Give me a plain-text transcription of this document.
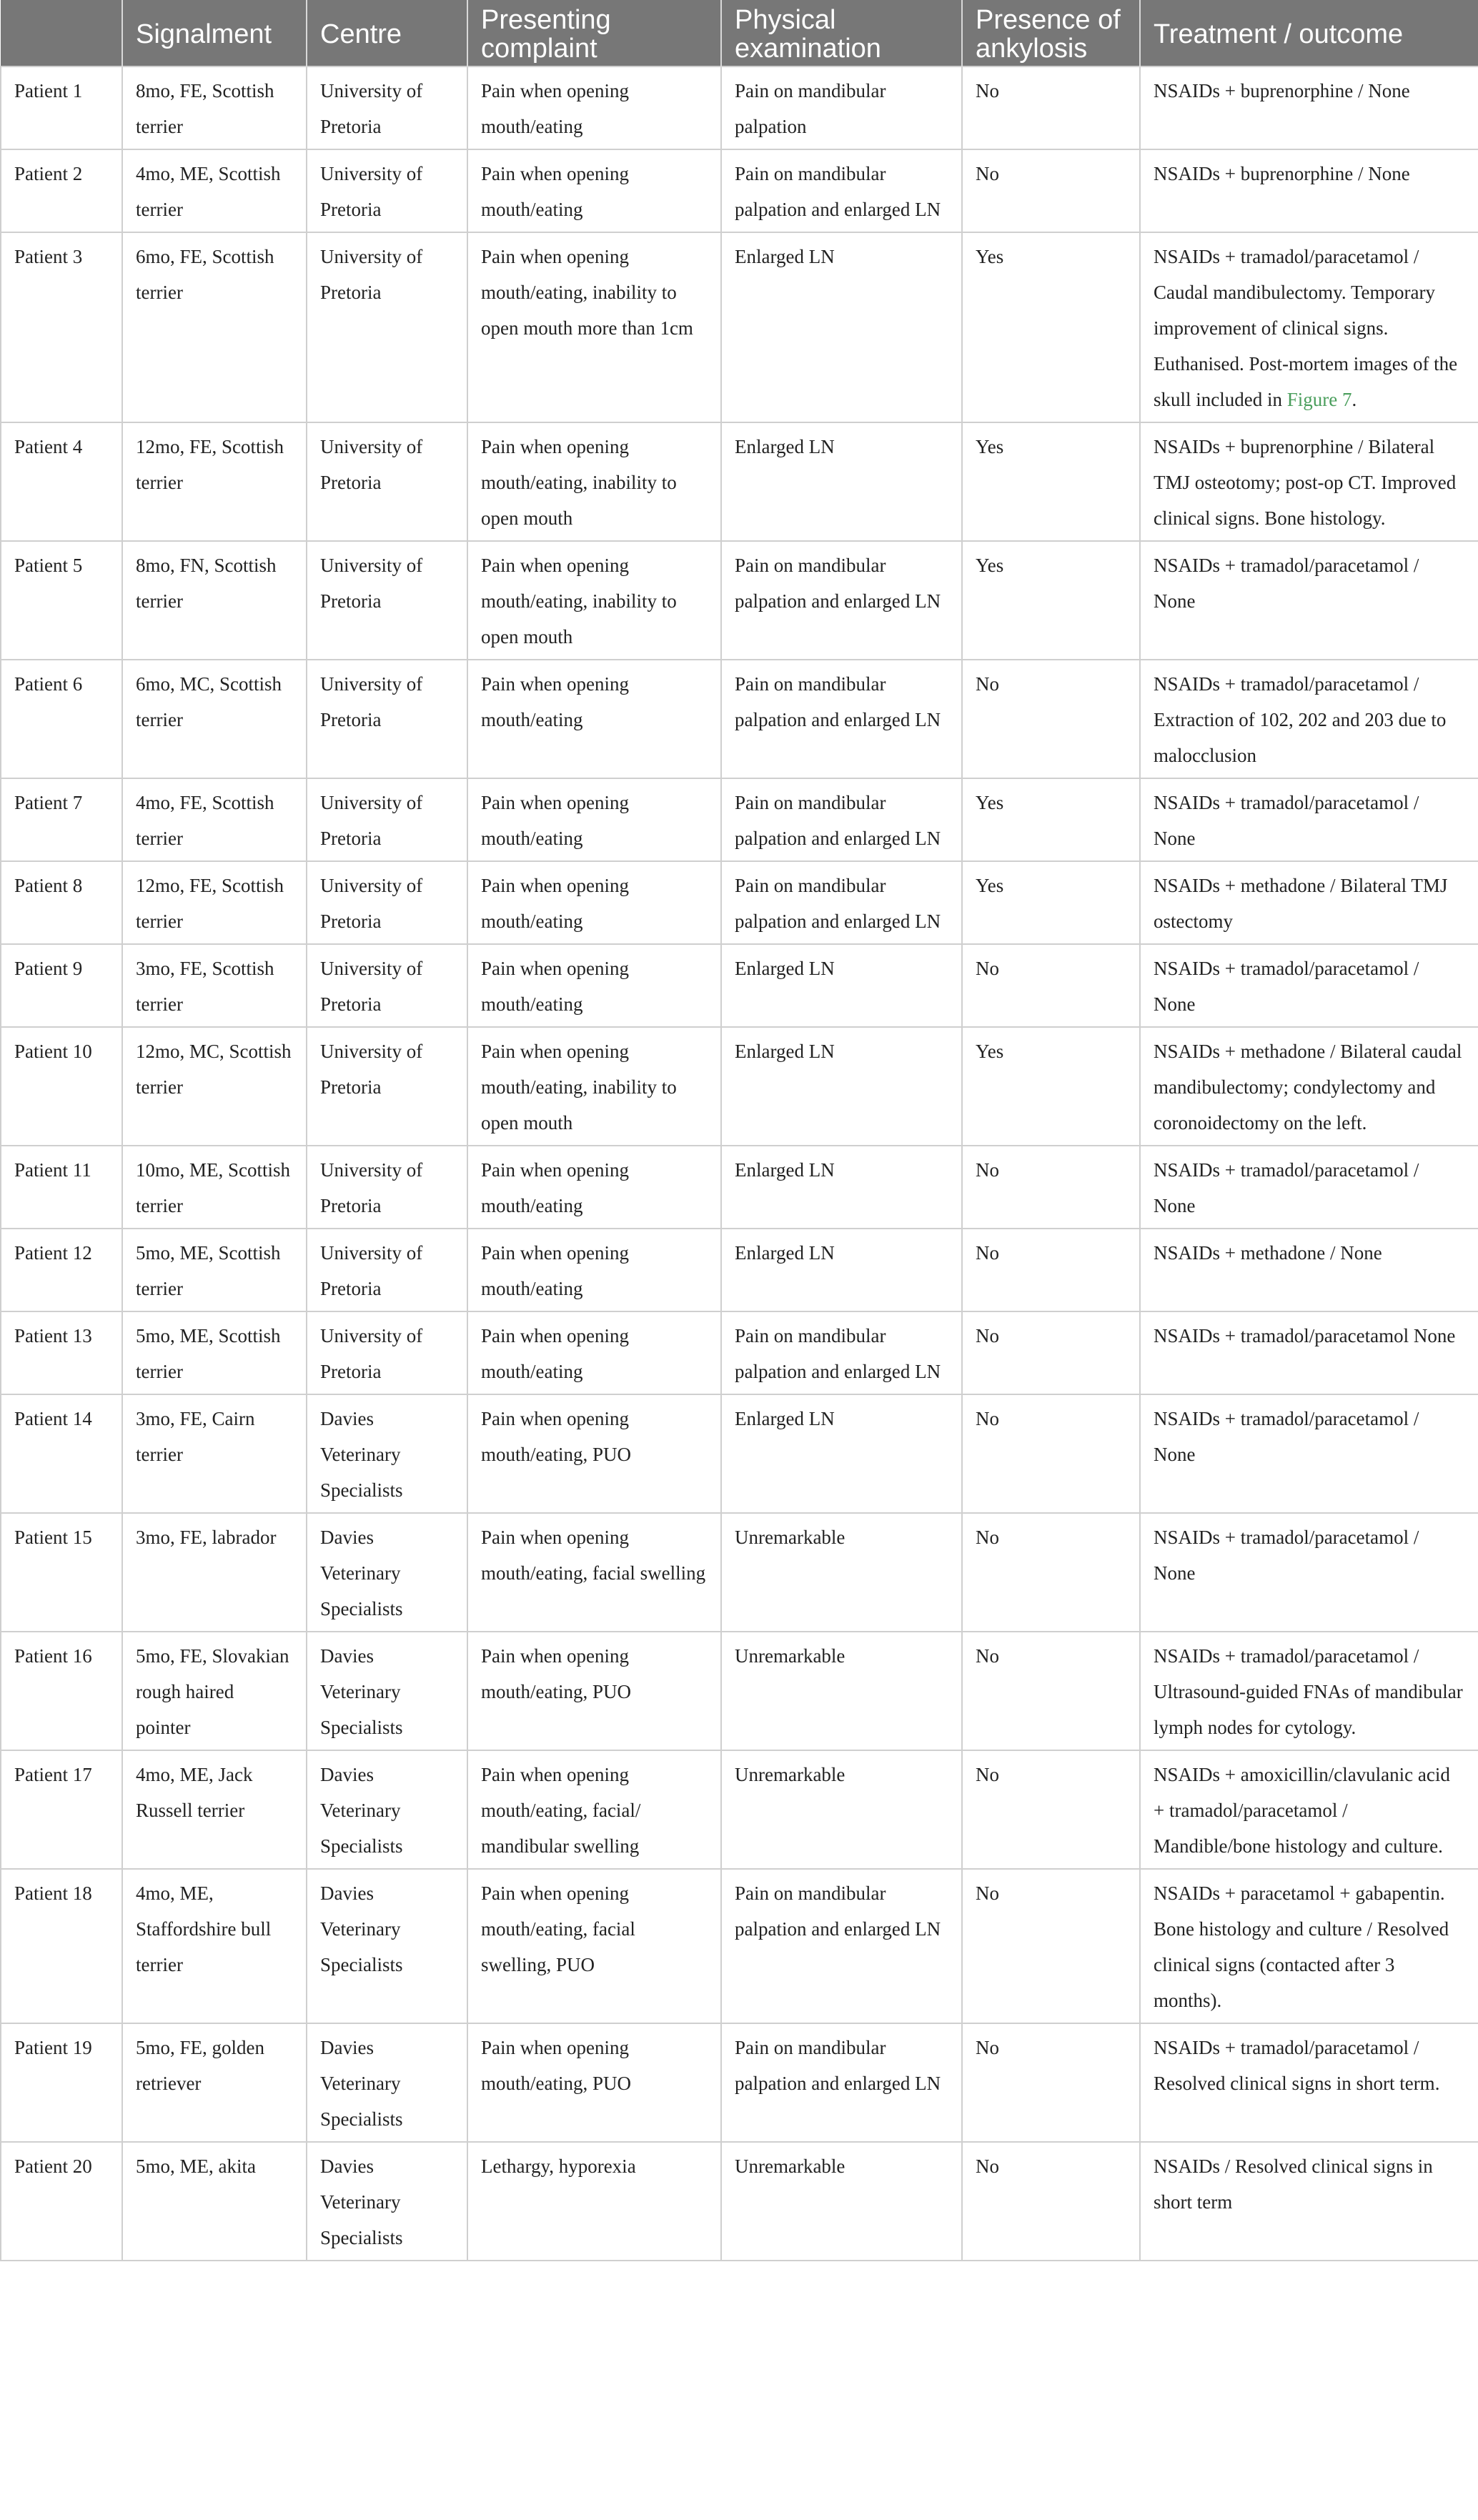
	Signalment	Centre	Presenting complaint	Physical examination	Presence of ankylosis	Treatment / outcome
Patient 1	8mo, FE, Scottish terrier	University of Pretoria	Pain when opening mouth/eating	Pain on mandibular palpation	No	NSAIDs + buprenorphine / None
Patient 2	4mo, ME, Scottish terrier	University of Pretoria	Pain when opening mouth/eating	Pain on mandibular palpation and enlarged LN	No	NSAIDs + buprenorphine / None
Patient 3	6mo, FE, Scottish terrier	University of Pretoria	Pain when opening mouth/eating, inability to open mouth more than 1cm	Enlarged LN	Yes	NSAIDs + tramadol/paracetamol / Caudal mandibulectomy. Temporary improvement of clinical signs. Euthanised. Post-mortem images of the skull included in Figure 7.
Patient 4	12mo, FE, Scottish terrier	University of Pretoria	Pain when opening mouth/eating, inability to open mouth	Enlarged LN	Yes	NSAIDs + buprenorphine / Bilateral TMJ osteotomy; post-op CT. Improved clinical signs. Bone histology.
Patient 5	8mo, FN, Scottish terrier	University of Pretoria	Pain when opening mouth/eating, inability to open mouth	Pain on mandibular palpation and enlarged LN	Yes	NSAIDs + tramadol/paracetamol / None
Patient 6	6mo, MC, Scottish terrier	University of Pretoria	Pain when opening mouth/eating	Pain on mandibular palpation and enlarged LN	No	NSAIDs + tramadol/paracetamol / Extraction of 102, 202 and 203 due to malocclusion
Patient 7	4mo, FE, Scottish terrier	University of Pretoria	Pain when opening mouth/eating	Pain on mandibular palpation and enlarged LN	Yes	NSAIDs + tramadol/paracetamol / None
Patient 8	12mo, FE, Scottish terrier	University of Pretoria	Pain when opening mouth/eating	Pain on mandibular palpation and enlarged LN	Yes	NSAIDs + methadone / Bilateral TMJ ostectomy
Patient 9	3mo, FE, Scottish terrier	University of Pretoria	Pain when opening mouth/eating	Enlarged LN	No	NSAIDs + tramadol/paracetamol / None
Patient 10	12mo, MC, Scottish terrier	University of Pretoria	Pain when opening mouth/eating, inability to open mouth	Enlarged LN	Yes	NSAIDs + methadone / Bilateral caudal mandibulectomy; condylectomy and coronoidectomy on the left.
Patient 11	10mo, ME, Scottish terrier	University of Pretoria	Pain when opening mouth/eating	Enlarged LN	No	NSAIDs + tramadol/paracetamol / None
Patient 12	5mo, ME, Scottish terrier	University of Pretoria	Pain when opening mouth/eating	Enlarged LN	No	NSAIDs + methadone / None
Patient 13	5mo, ME, Scottish terrier	University of Pretoria	Pain when opening mouth/eating	Pain on mandibular palpation and enlarged LN	No	NSAIDs + tramadol/paracetamol None
Patient 14	3mo, FE, Cairn terrier	Davies Veterinary Specialists	Pain when opening mouth/eating, PUO	Enlarged LN	No	NSAIDs + tramadol/paracetamol / None
Patient 15	3mo, FE, labrador	Davies Veterinary Specialists	Pain when opening mouth/eating, facial swelling	Unremarkable	No	NSAIDs + tramadol/paracetamol / None
Patient 16	5mo, FE, Slovakian rough haired pointer	Davies Veterinary Specialists	Pain when opening mouth/eating, PUO	Unremarkable	No	NSAIDs + tramadol/paracetamol / Ultrasound-guided FNAs of mandibular lymph nodes for cytology.
Patient 17	4mo, ME, Jack Russell terrier	Davies Veterinary Specialists	Pain when opening mouth/eating, facial/ mandibular swelling	Unremarkable	No	NSAIDs + amoxicillin/clavulanic acid + tramadol/paracetamol / Mandible/bone histology and culture.
Patient 18	4mo, ME, Staffordshire bull terrier	Davies Veterinary Specialists	Pain when opening mouth/eating, facial swelling, PUO	Pain on mandibular palpation and enlarged LN	No	NSAIDs + paracetamol + gabapentin. Bone histology and culture / Resolved clinical signs (contacted after 3 months).
Patient 19	5mo, FE, golden retriever	Davies Veterinary Specialists	Pain when opening mouth/eating, PUO	Pain on mandibular palpation and enlarged LN	No	NSAIDs + tramadol/paracetamol / Resolved clinical signs in short term.
Patient 20	5mo, ME, akita	Davies Veterinary Specialists	Lethargy, hyporexia	Unremarkable	No	NSAIDs / Resolved clinical signs in short term
